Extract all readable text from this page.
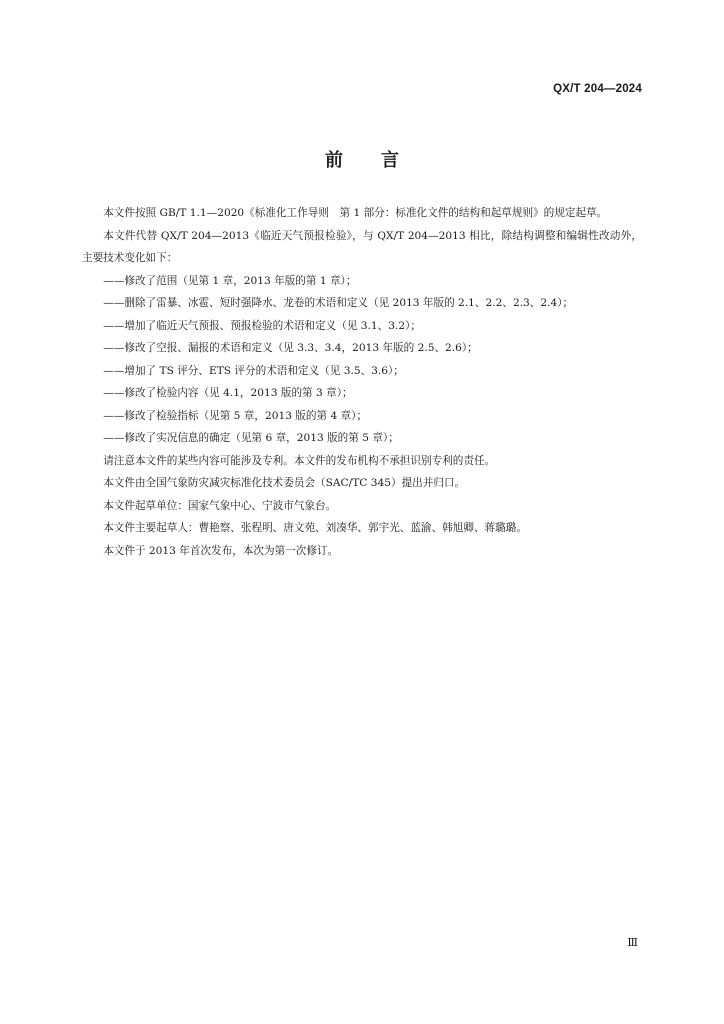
QX/T 204—2024
前言

本文件按照 GB/T 1.1—2020《标准化工作导则　第 1 部分：标准化文件的结构和起草规则》的规定起草。

本文件代替 QX/T 204—2013《临近天气预报检验》，与 QX/T 204—2013 相比，除结构调整和编辑性改动外，主要技术变化如下：

——修改了范围（见第 1 章，2013 年版的第 1 章）；

——删除了雷暴、冰雹、短时强降水、龙卷的术语和定义（见 2013 年版的 2.1、2.2、2.3、2.4）；

——增加了临近天气预报、预报检验的术语和定义（见 3.1、3.2）；

——修改了空报、漏报的术语和定义（见 3.3、3.4，2013 年版的 2.5、2.6）；

——增加了 TS 评分、ETS 评分的术语和定义（见 3.5、3.6）；

——修改了检验内容（见 4.1，2013 版的第 3 章）；

——修改了检验指标（见第 5 章，2013 版的第 4 章）；

——修改了实况信息的确定（见第 6 章，2013 版的第 5 章）；

请注意本文件的某些内容可能涉及专利。本文件的发布机构不承担识别专利的责任。

本文件由全国气象防灾减灾标准化技术委员会（SAC/TC 345）提出并归口。

本文件起草单位：国家气象中心、宁波市气象台。

本文件主要起草人：曹艳察、张程明、唐文苑、刘凑华、郭宇光、蓝渝、韩旭卿、蒋璐璐。

本文件于 2013 年首次发布，本次为第一次修订。

Ⅲ
